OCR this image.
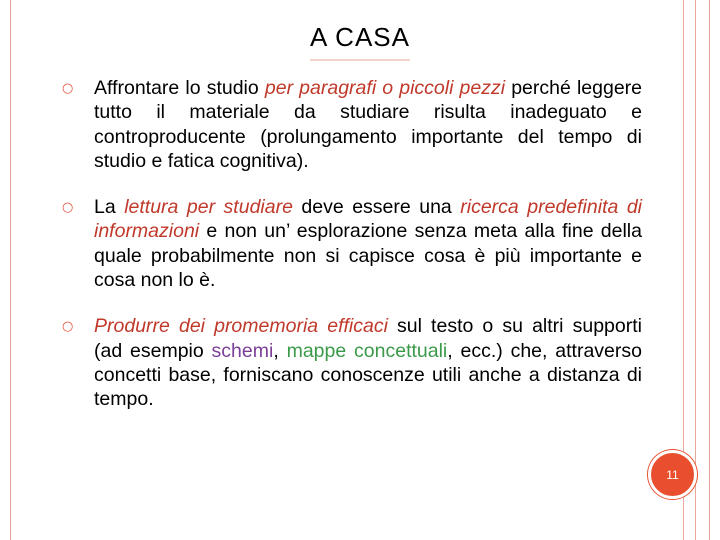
A CASA
○ Affrontare lo studio per paragrafi o piccoli pezzi perché leggere tutto il materiale da studiare risulta inadeguato e controproducente (prolungamento importante del tempo di studio e fatica cognitiva).
○ La lettura per studiare deve essere una ricerca predefinita di informazioni e non un’ esplorazione senza meta alla fine della quale probabilmente non si capisce cosa è più importante e cosa non lo è.
○ Produrre dei promemoria efficaci sul testo o su altri supporti (ad esempio schemi, mappe concettuali, ecc.) che, attraverso concetti base, forniscano conoscenze utili anche a distanza di tempo.
11
